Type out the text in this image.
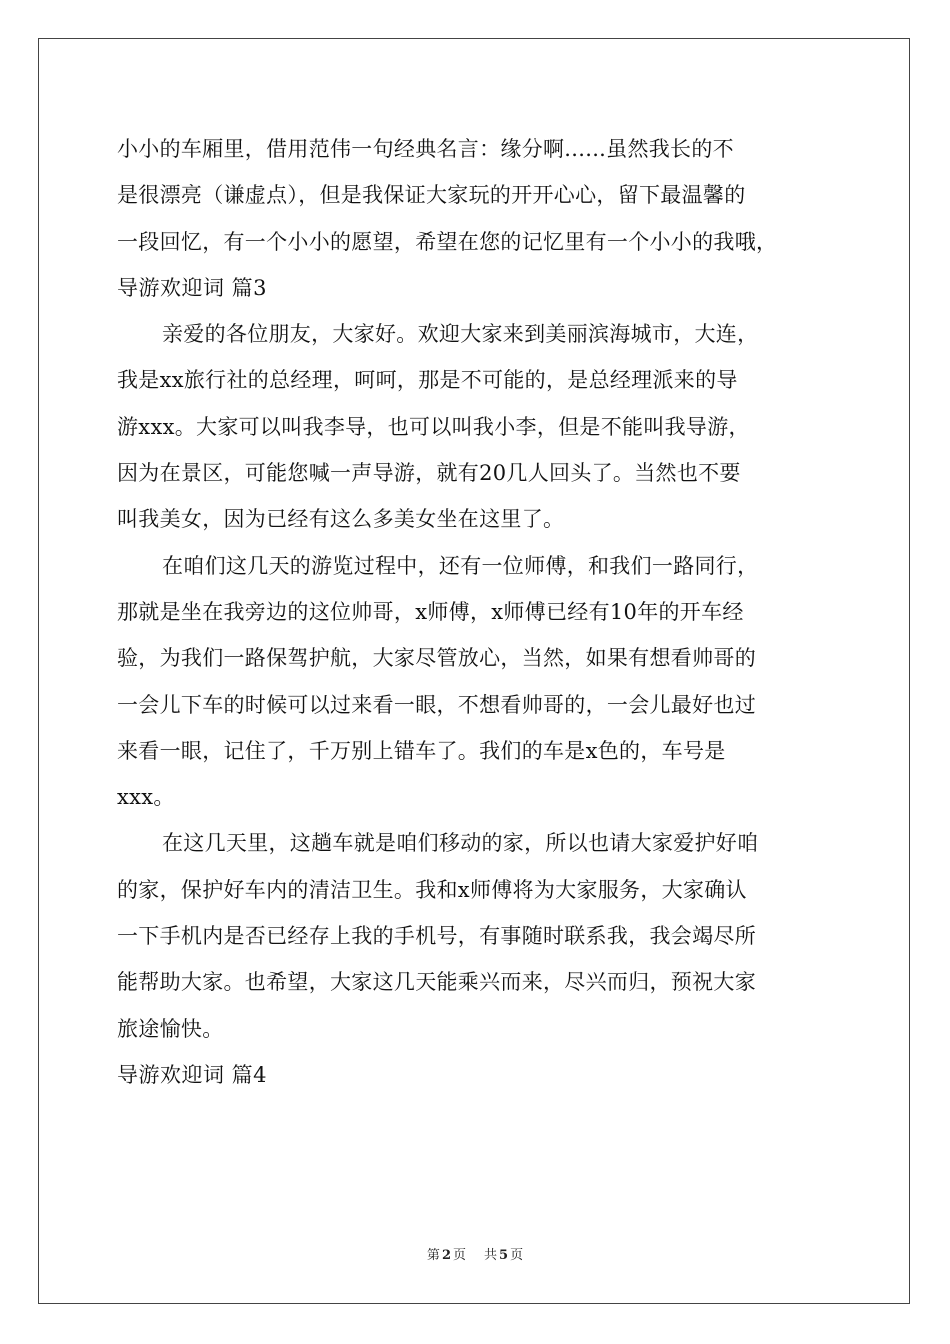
小小的车厢里，借用范伟一句经典名言：缘分啊......虽然我长的不
是很漂亮（谦虚点），但是我保证大家玩的开开心心，留下最温馨的
一段回忆，有一个小小的愿望，希望在您的记忆里有一个小小的我哦，
导游欢迎词 篇3
亲爱的各位朋友，大家好。欢迎大家来到美丽滨海城市，大连，
我是xx旅行社的总经理，呵呵，那是不可能的，是总经理派来的导
游xxx。大家可以叫我李导，也可以叫我小李，但是不能叫我导游，
因为在景区，可能您喊一声导游，就有20几人回头了。当然也不要
叫我美女，因为已经有这么多美女坐在这里了。
在咱们这几天的游览过程中，还有一位师傅，和我们一路同行，
那就是坐在我旁边的这位帅哥，x师傅，x师傅已经有10年的开车经
验，为我们一路保驾护航，大家尽管放心，当然，如果有想看帅哥的
一会儿下车的时候可以过来看一眼，不想看帅哥的，一会儿最好也过
来看一眼，记住了，千万别上错车了。我们的车是x色的，车号是
xxx。
在这几天里，这趟车就是咱们移动的家，所以也请大家爱护好咱
的家，保护好车内的清洁卫生。我和x师傅将为大家服务，大家确认
一下手机内是否已经存上我的手机号，有事随时联系我，我会竭尽所
能帮助大家。也希望，大家这几天能乘兴而来，尽兴而归，预祝大家
旅途愉快。
导游欢迎词 篇4
第 2 页 共 5 页
